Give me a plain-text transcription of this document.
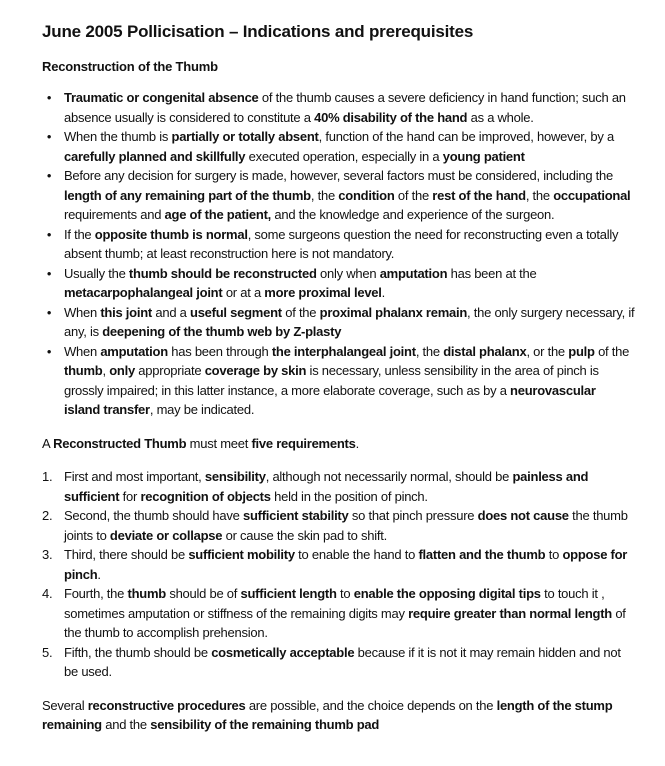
June 2005 Pollicisation – Indications and prerequisites
Reconstruction of the Thumb
• Traumatic or congenital absence of the thumb causes a severe deficiency in hand function; such an absence usually is considered to constitute a 40% disability of the hand as a whole.
• When the thumb is partially or totally absent, function of the hand can be improved, however, by a carefully planned and skillfully executed operation, especially in a young patient
• Before any decision for surgery is made, however, several factors must be considered, including the length of any remaining part of the thumb, the condition of the rest of the hand, the occupational requirements and age of the patient, and the knowledge and experience of the surgeon.
• If the opposite thumb is normal, some surgeons question the need for reconstructing even a totally absent thumb; at least reconstruction here is not mandatory.
• Usually the thumb should be reconstructed only when amputation has been at the metacarpophalangeal joint or at a more proximal level.
• When this joint and a useful segment of the proximal phalanx remain, the only surgery necessary, if any, is deepening of the thumb web by Z-plasty
• When amputation has been through the interphalangeal joint, the distal phalanx, or the pulp of the thumb, only appropriate coverage by skin is necessary, unless sensibility in the area of pinch is grossly impaired; in this latter instance, a more elaborate coverage, such as by a neurovascular island transfer, may be indicated.

A Reconstructed Thumb must meet five requirements.

1. First and most important, sensibility, although not necessarily normal, should be painless and sufficient for recognition of objects held in the position of pinch.
2. Second, the thumb should have sufficient stability so that pinch pressure does not cause the thumb joints to deviate or collapse or cause the skin pad to shift.
3. Third, there should be sufficient mobility to enable the hand to flatten and the thumb to oppose for pinch.
4. Fourth, the thumb should be of sufficient length to enable the opposing digital tips to touch it , sometimes amputation or stiffness of the remaining digits may require greater than normal length of the thumb to accomplish prehension.
5. Fifth, the thumb should be cosmetically acceptable because if it is not it may remain hidden and not be used.

Several reconstructive procedures are possible, and the choice depends on the length of the stump remaining and the sensibility of the remaining thumb pad
